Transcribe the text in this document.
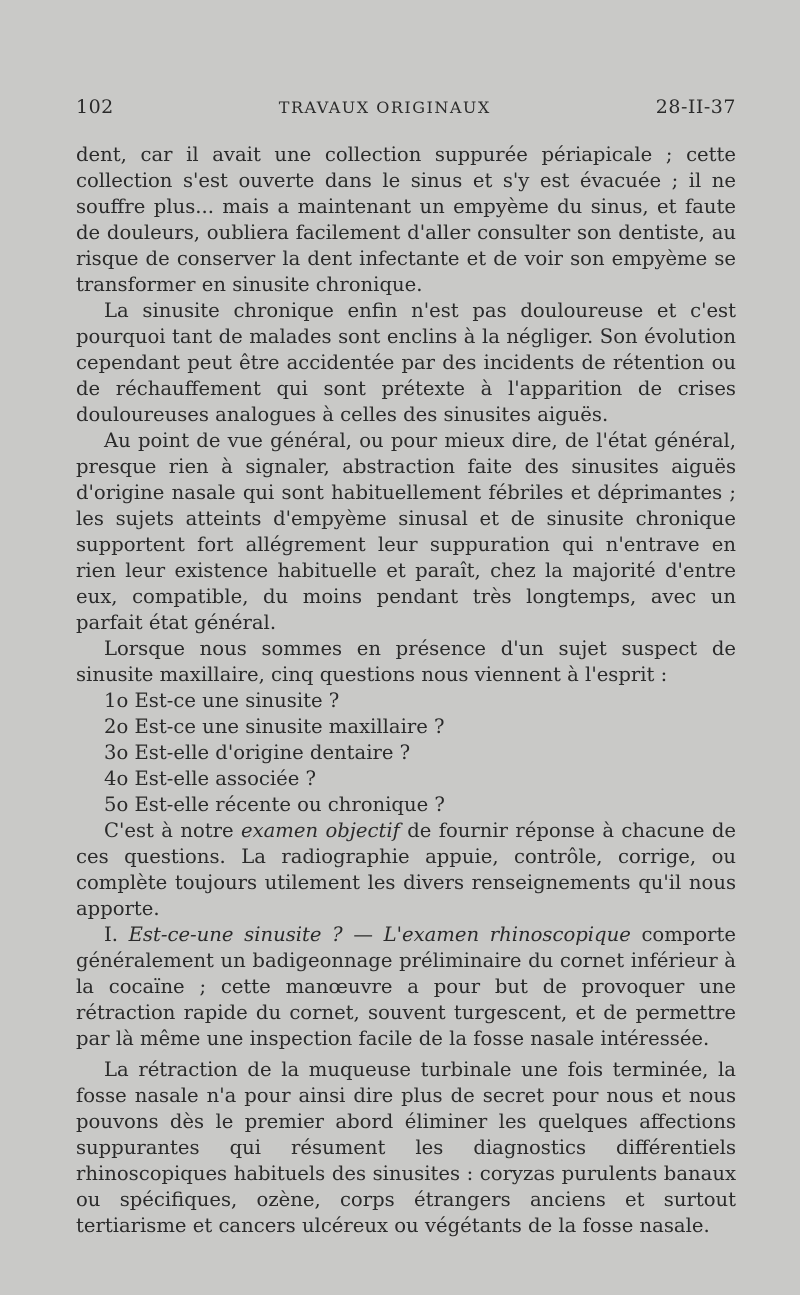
102	TRAVAUX ORIGINAUX	28-II-37

dent, car il avait une collection suppurée périapicale ; cette collection s'est ouverte dans le sinus et s'y est évacuée ; il ne souffre plus... mais a maintenant un empyème du sinus, et faute de douleurs, oubliera facilement d'aller consulter son dentiste, au risque de conserver la dent infectante et de voir son empyème se transformer en sinusite chronique.

La sinusite chronique enfin n'est pas douloureuse et c'est pourquoi tant de malades sont enclins à la négliger. Son évolution cependant peut être accidentée par des incidents de rétention ou de réchauffement qui sont prétexte à l'apparition de crises douloureuses analogues à celles des sinusites aiguës.

Au point de vue général, ou pour mieux dire, de l'état général, presque rien à signaler, abstraction faite des sinusites aiguës d'origine nasale qui sont habituellement fébriles et déprimantes ; les sujets atteints d'empyème sinusal et de sinusite chronique supportent fort allégrement leur suppuration qui n'entrave en rien leur existence habituelle et paraît, chez la majorité d'entre eux, compatible, du moins pendant très longtemps, avec un parfait état général.

Lorsque nous sommes en présence d'un sujet suspect de sinusite maxillaire, cinq questions nous viennent à l'esprit :

1o Est-ce une sinusite ?

2o Est-ce une sinusite maxillaire ?

3o Est-elle d'origine dentaire ?

4o Est-elle associée ?

5o Est-elle récente ou chronique ?

C'est à notre examen objectif de fournir réponse à chacune de ces questions. La radiographie appuie, contrôle, corrige, ou complète toujours utilement les divers renseignements qu'il nous apporte.

I. Est-ce-une sinusite ? — L'examen rhinoscopique comporte généralement un badigeonnage préliminaire du cornet inférieur à la cocaïne ; cette manœuvre a pour but de provoquer une rétraction rapide du cornet, souvent turgescent, et de permettre par là même une inspection facile de la fosse nasale intéressée.

La rétraction de la muqueuse turbinale une fois terminée, la fosse nasale n'a pour ainsi dire plus de secret pour nous et nous pouvons dès le premier abord éliminer les quelques affections suppurantes qui résument les diagnostics différentiels rhinoscopiques habituels des sinusites : coryzas purulents banaux ou spécifiques, ozène, corps étrangers anciens et surtout tertiarisme et cancers ulcéreux ou végétants de la fosse nasale.
